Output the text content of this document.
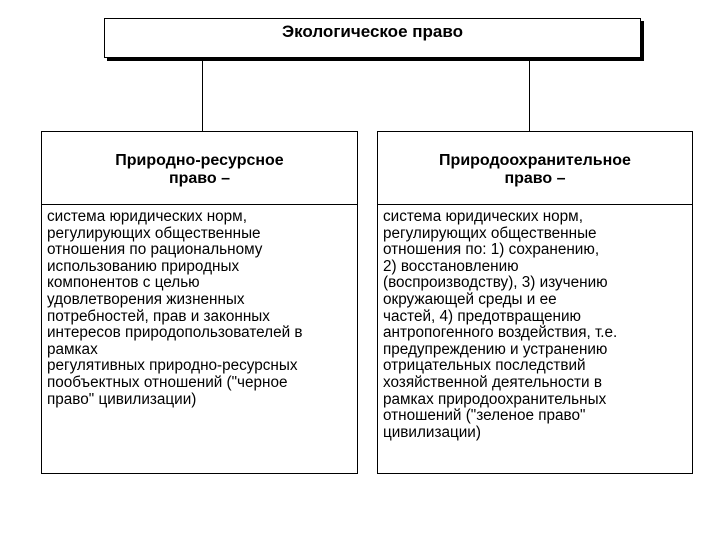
Экологическое право
Природно-ресурсное
право –
система юридических норм,
регулирующих общественные
отношения по рациональному
использованию природных
компонентов с целью
удовлетворения жизненных
потребностей, прав и законных
интересов природопользователей в
рамках
регулятивных природно-ресурсных
пообъектных отношений ("черное
право" цивилизации)
Природоохранительное
право –
система юридических норм,
регулирующих общественные
отношения по: 1) сохранению,
2) восстановлению
(воспроизводству), 3) изучению
окружающей среды и ее
частей, 4) предотвращению
антропогенного воздействия, т.е.
предупреждению и устранению
отрицательных последствий
хозяйственной деятельности в
рамках природоохранительных
отношений ("зеленое право"
цивилизации)
